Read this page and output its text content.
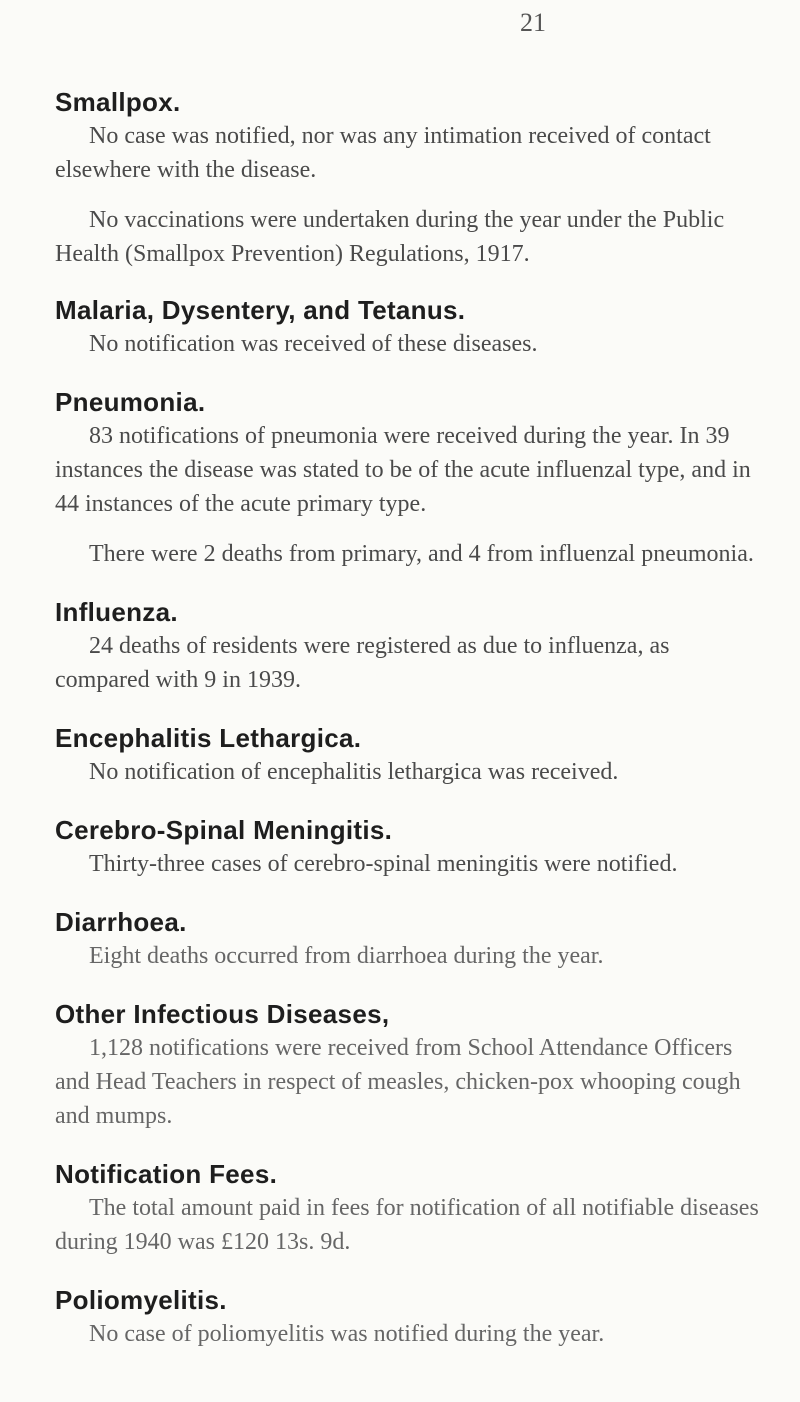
21
Smallpox.

No case was notified, nor was any intimation received of contact elsewhere with the disease.

No vaccinations were undertaken during the year under the Public Health (Smallpox Prevention) Regulations, 1917.

Malaria, Dysentery, and Tetanus.

No notification was received of these diseases.

Pneumonia.

83 notifications of pneumonia were received during the year. In 39 instances the disease was stated to be of the acute influenzal type, and in 44 instances of the acute primary type.

There were 2 deaths from primary, and 4 from influenzal pneumonia.

Influenza.

24 deaths of residents were registered as due to influenza, as compared with 9 in 1939.

Encephalitis Lethargica.

No notification of encephalitis lethargica was received.

Cerebro-Spinal Meningitis.

Thirty-three cases of cerebro-spinal meningitis were notified.

Diarrhoea.

Eight deaths occurred from diarrhoea during the year.

Other Infectious Diseases,

1,128 notifications were received from School Attendance Officers and Head Teachers in respect of measles, chicken-pox whooping cough and mumps.

Notification Fees.

The total amount paid in fees for notification of all notifiable diseases during 1940 was £120 13s. 9d.

Poliomyelitis.

No case of poliomyelitis was notified during the year.
